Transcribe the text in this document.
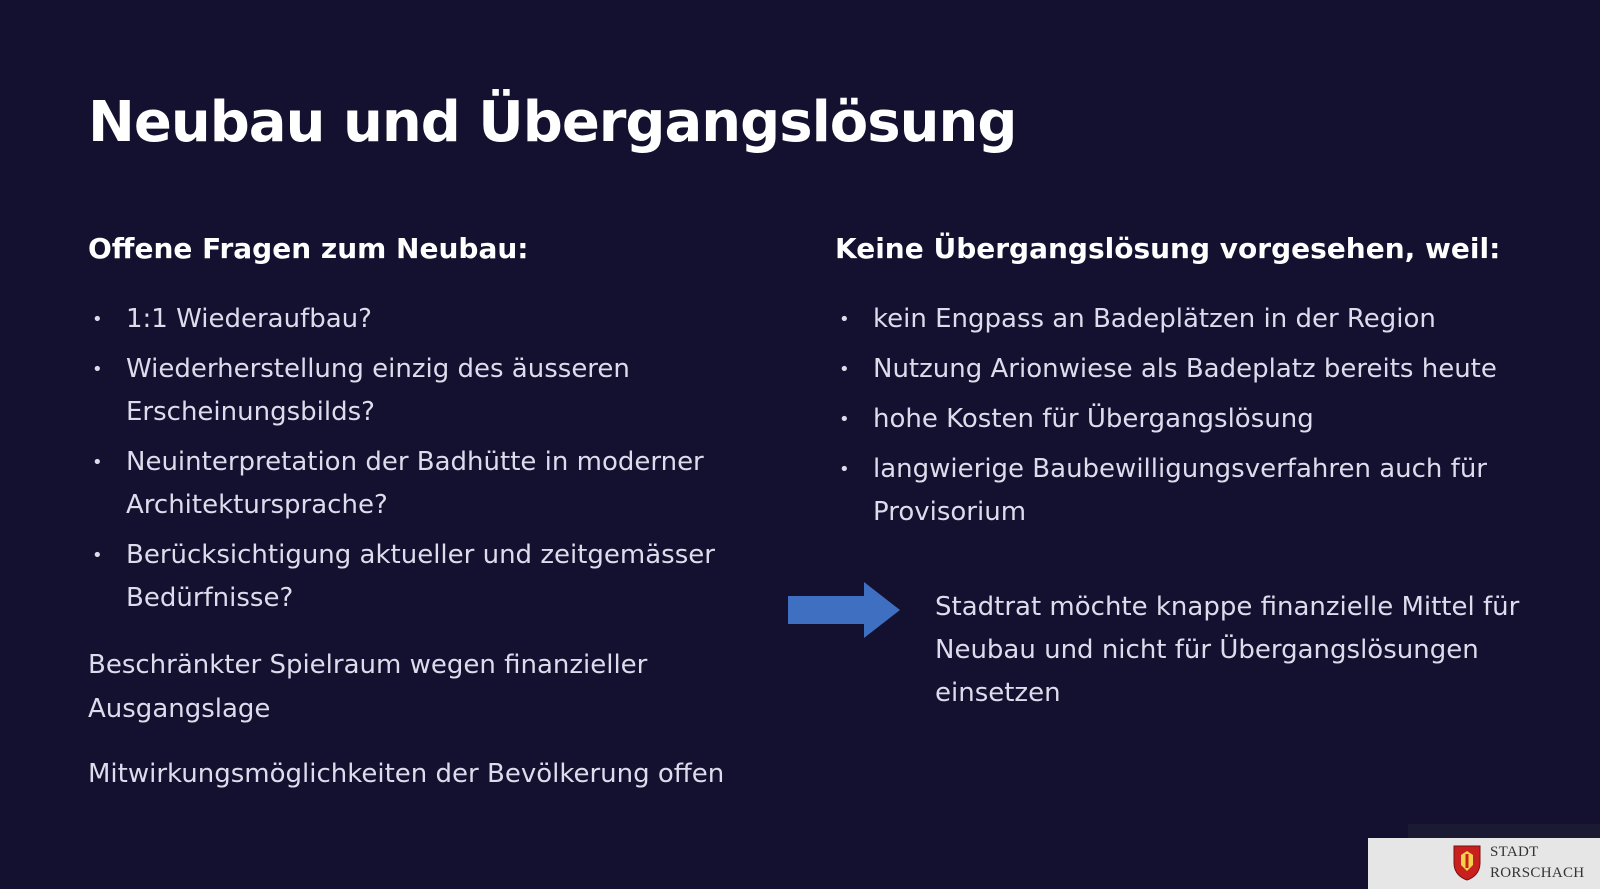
Neubau und Übergangslösung
Offene Fragen zum Neubau:
• 1:1 Wiederaufbau?
• Wiederherstellung einzig des äusseren Erscheinungsbilds?
• Neuinterpretation der Badhütte in moderner Architektursprache?
• Berücksichtigung aktueller und zeitgemässer Bedürfnisse?

Beschränkter Spielraum wegen finanzieller Ausgangslage

Mitwirkungsmöglichkeiten der Bevölkerung offen

Keine Übergangslösung vorgesehen, weil:
• kein Engpass an Badeplätzen in der Region
• Nutzung Arionwiese als Badeplatz bereits heute
• hohe Kosten für Übergangslösung
• langwierige Baubewilligungsverfahren auch für Provisorium

Stadtrat möchte knappe finanzielle Mittel für Neubau und nicht für Übergangslösungen einsetzen

STADT
RORSCHACH
